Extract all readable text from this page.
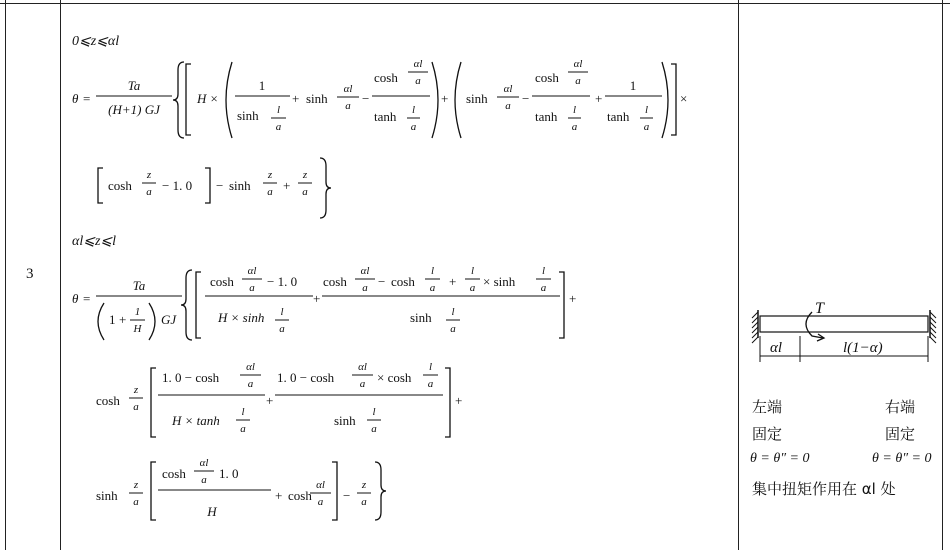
3
0⩽z⩽αl
θ =
Ta
(H+1) GJ
H ×
1
sinh l
a
+ sinh
αl
a −
cosh
αl
a
tanh l
a
+ sinh
αl
a −
cosh
αl
a
tanh l
a
+
1
tanh l
a
×
cosh
z
a − 1. 0 − sinh
z
a +
z
a
αl⩽z⩽l
θ =
Ta
1 + 1
H
GJ
cosh
αl
a − 1. 0
H × sinh l
a
+
cosh
αl
a − cosh
l
a +
l
a × sinh
l
a
sinh l
a
+
cosh
z
a
1. 0 − cosh
αl
a
H × tanh
l
a
+
1. 0 − cosh
αl
a × cosh
l
a
sinh
l
a
+
sinh
z
a
cosh
αl
a 1. 0
H
+ cosh
αl
a −
z
a
T
αl	l(1−α)
左端	右端
固定	固定
θ = θ″ = 0	θ = θ″ = 0
集中扭矩作用在 αl 处
